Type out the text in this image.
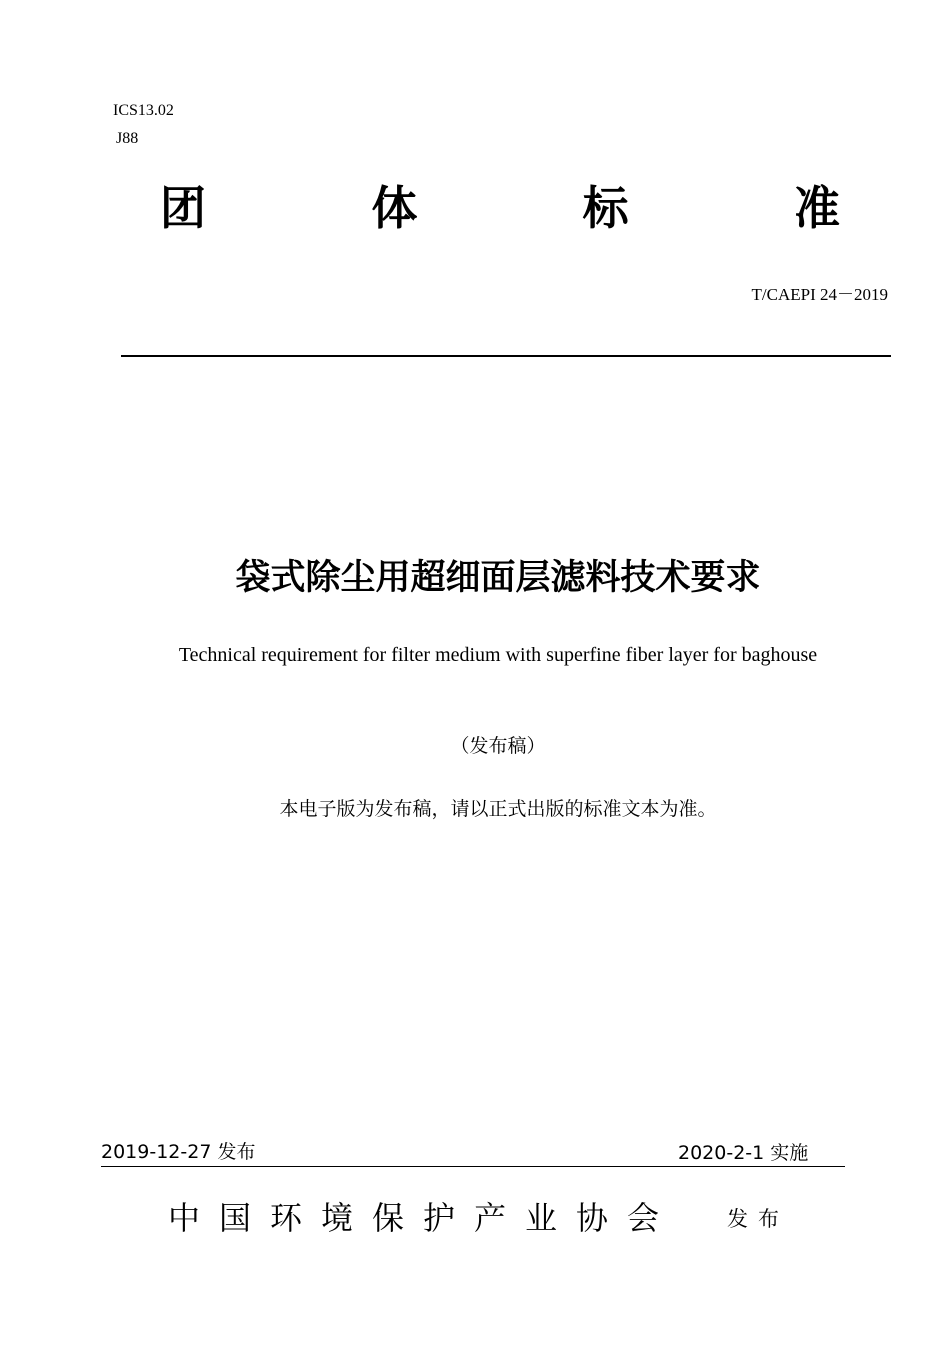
ICS13.02
J88
团	体	标	准
T/CAEPI 24－2019
袋式除尘用超细面层滤料技术要求
Technical requirement for filter medium with superfine fiber layer for baghouse
（发布稿）
本电子版为发布稿，请以正式出版的标准文本为准。
2019-12-27 发布	2020-2-1 实施
中国环境保护产业协会 发布
